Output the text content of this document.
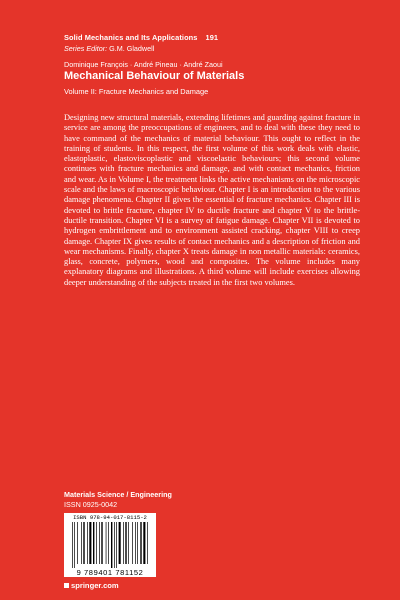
Solid Mechanics and Its Applications 191
Series Editor: G.M. Gladwell
Dominique François · André Pineau · André Zaoui
Mechanical Behaviour of Materials
Volume II: Fracture Mechanics and Damage

Designing new structural materials, extending lifetimes and guarding against fracture in service are among the preoccupations of engineers, and to deal with these they need to have command of the mechanics of material behaviour. This ought to reflect in the training of students. In this respect, the first volume of this work deals with elastic, elastoplastic, elastoviscoplastic and viscoelastic behaviours; this second volume continues with fracture mechanics and damage, and with contact mechanics, friction and wear. As in Volume I, the treatment links the active mechanisms on the microscopic scale and the laws of macroscopic behaviour. Chapter I is an introduction to the various damage phenomena. Chapter II gives the essential of fracture mechanics. Chapter III is devoted to brittle fracture, chapter IV to ductile fracture and chapter V to the brittle-ductile transition. Chapter VI is a survey of fatigue damage. Chapter VII is devoted to hydrogen embrittlement and to environment assisted cracking, chapter VIII to creep damage. Chapter IX gives results of contact mechanics and a description of friction and wear mechanisms. Finally, chapter X treats damage in non metallic materials: ceramics, glass, concrete, polymers, wood and composites. The volume includes many explanatory diagrams and illustrations. A third volume will include exercises allowing deeper understanding of the subjects treated in the first two volumes.

Materials Science / Engineering
ISSN 0925-0042
ISBN 978-94-017-8115-2
9 789401 781152
springer.com
